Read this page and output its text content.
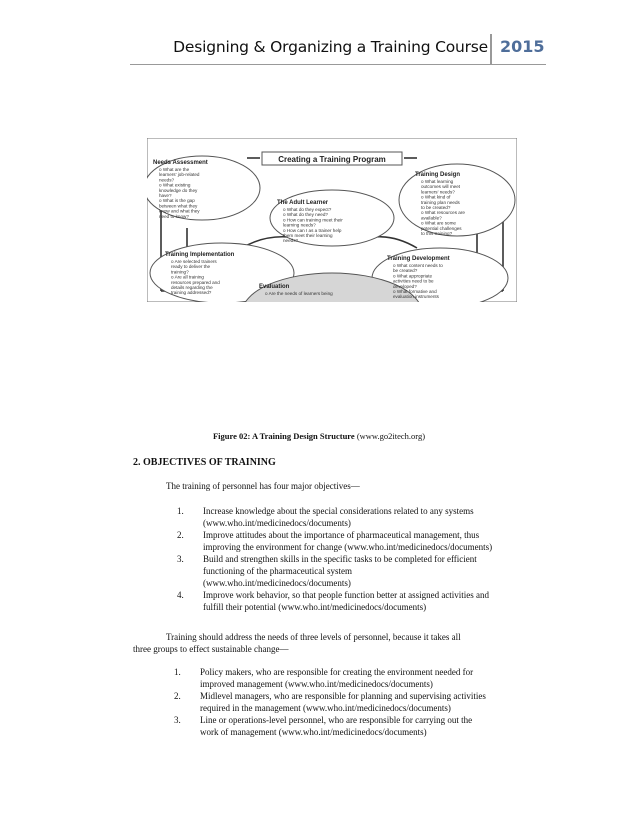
Designing & Organizing a Training Course 2015
Creating a Training Program
Needs Assessment
o What are the
learners' job-related
needs?
o What existing
knowledge do they
have?
o What is the gap
between what they
know and what they
need to know?
The Adult Learner
o What do they expect?
o What do they need?
o How can training meet their
learning needs?
o How can I as a trainer help
them meet their learning
needs?
Training Design
o What learning
outcomes will meet
learners' needs?
o What kind of
training plan needs
to be created?
o What resources are
available?
o What are some
potential challenges
to this training?
Training Implementation
o Are selected trainers
ready to deliver the
training?
o Are all training
resources prepared and
details regarding the
training addressed?
Training Development
o What content needs to
be created?
o What appropriate
activities need to be
developed?
o What formative and
evaluation instruments
Evaluation
o Are the needs of learners being
Figure 02: A Training Design Structure (www.go2itech.org)
2. OBJECTIVES OF TRAINING
The training of personnel has four major objectives—
1. Increase knowledge about the special considerations related to any systems
(www.who.int/medicinedocs/documents)
2. Improve attitudes about the importance of pharmaceutical management, thus
improving the environment for change (www.who.int/medicinedocs/documents)
3. Build and strengthen skills in the specific tasks to be completed for efficient
functioning of the pharmaceutical system
(www.who.int/medicinedocs/documents)
4. Improve work behavior, so that people function better at assigned activities and
fulfill their potential (www.who.int/medicinedocs/documents)
Training should address the needs of three levels of personnel, because it takes all
three groups to effect sustainable change—
1. Policy makers, who are responsible for creating the environment needed for
improved management (www.who.int/medicinedocs/documents)
2. Midlevel managers, who are responsible for planning and supervising activities
required in the management (www.who.int/medicinedocs/documents)
3. Line or operations-level personnel, who are responsible for carrying out the
work of management (www.who.int/medicinedocs/documents)
